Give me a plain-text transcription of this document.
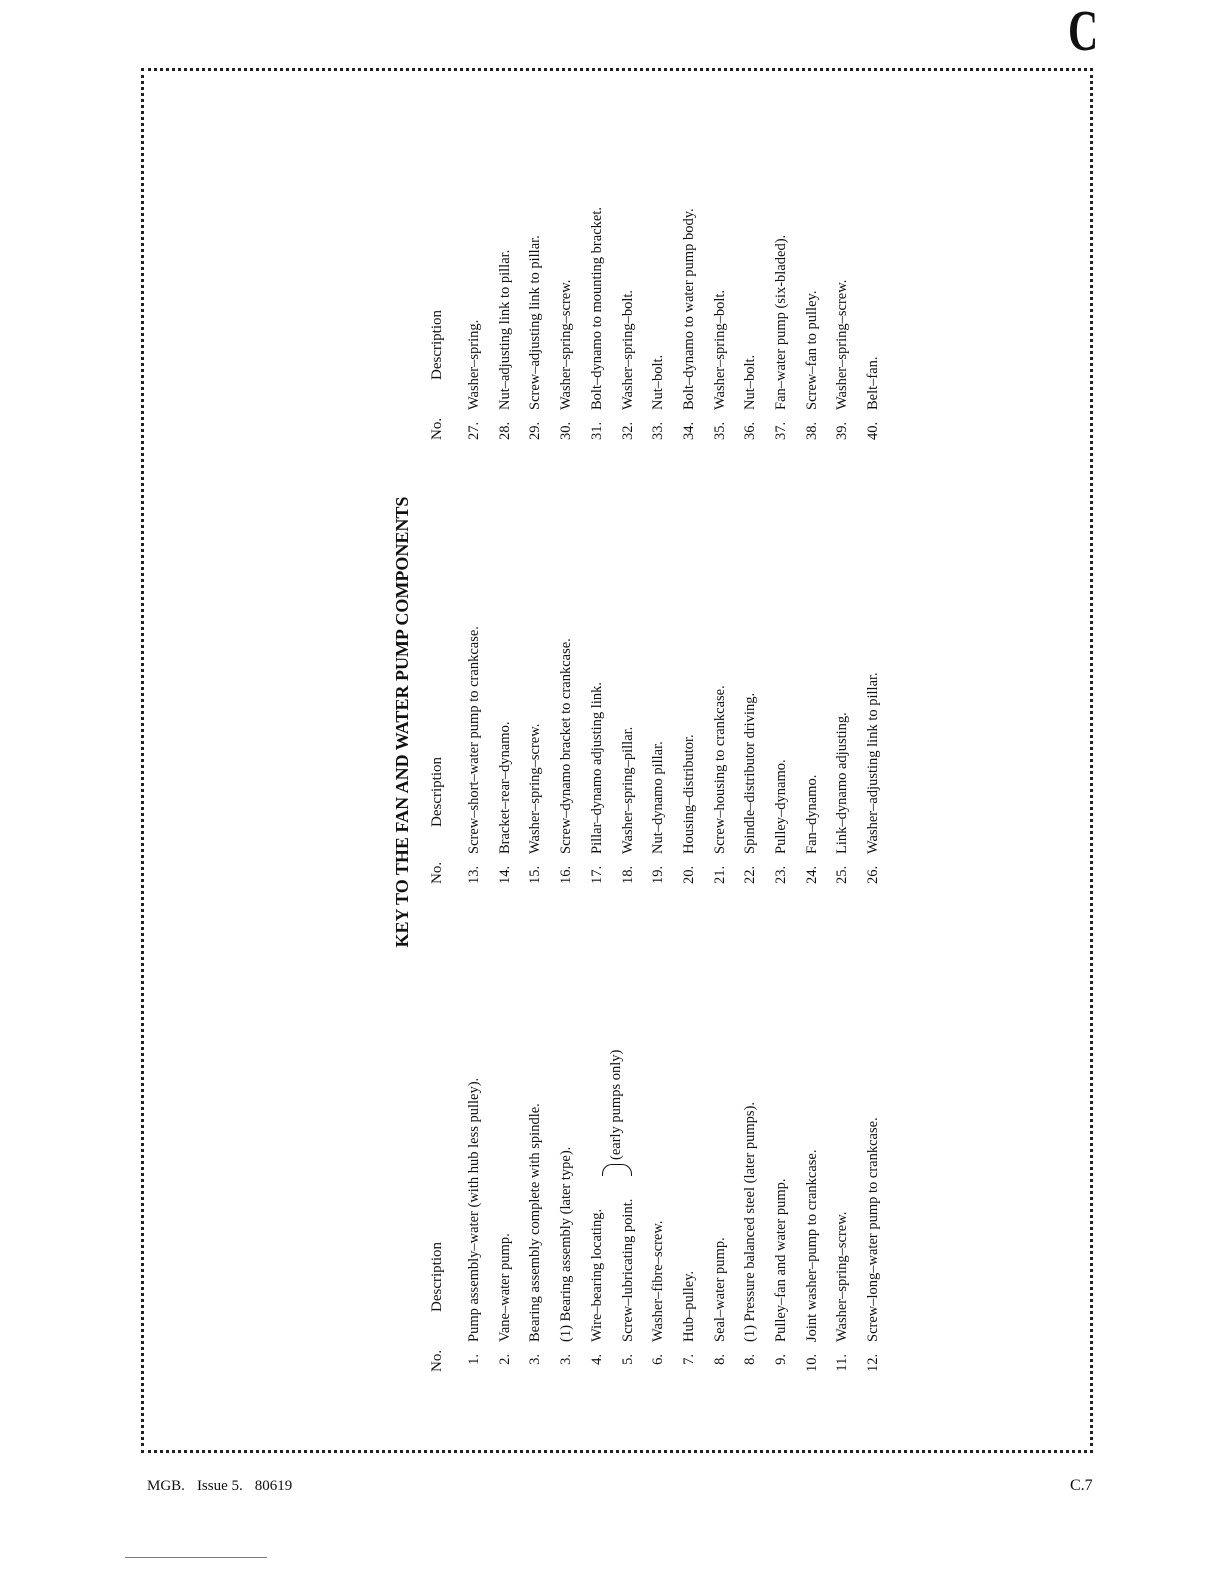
C
KEY TO THE FAN AND WATER PUMP COMPONENTS
No.
Description
No.
Description
No.
Description
(early pumps only)
1.
Pump assembly–water (with hub less pulley).
2.
Vane–water pump.
3.
Bearing assembly complete with spindle.
3.
(1) Bearing assembly (later type).
4.
Wire–bearing locating.
5.
Screw–lubricating point.
6.
Washer–fibre–screw.
7.
Hub–pulley.
8.
Seal–water pump.
8.
(1) Pressure balanced steel (later pumps).
9.
Pulley–fan and water pump.
10.
Joint washer–pump to crankcase.
11.
Washer–spring–screw.
12.
Screw–long–water pump to crankcase.
13.
Screw–short–water pump to crankcase.
14.
Bracket–rear–dynamo.
15.
Washer–spring–screw.
16.
Screw–dynamo bracket to crankcase.
17.
Pillar–dynamo adjusting link.
18.
Washer–spring–pillar.
19.
Nut–dynamo pillar.
20.
Housing–distributor.
21.
Screw–housing to crankcase.
22.
Spindle–distributor driving.
23.
Pulley–dynamo.
24.
Fan–dynamo.
25.
Link–dynamo adjusting.
26.
Washer–adjusting link to pillar.
27.
Washer–spring.
28.
Nut–adjusting link to pillar.
29.
Screw–adjusting link to pillar.
30.
Washer–spring–screw.
31.
Bolt–dynamo to mounting bracket.
32.
Washer–spring–bolt.
33.
Nut–bolt.
34.
Bolt–dynamo to water pump body.
35.
Washer–spring–bolt.
36.
Nut–bolt.
37.
Fan–water pump (six-bladed).
38.
Screw–fan to pulley.
39.
Washer–spring–screw.
40.
Belt–fan.
MGB. Issue 5. 80619	C.7
